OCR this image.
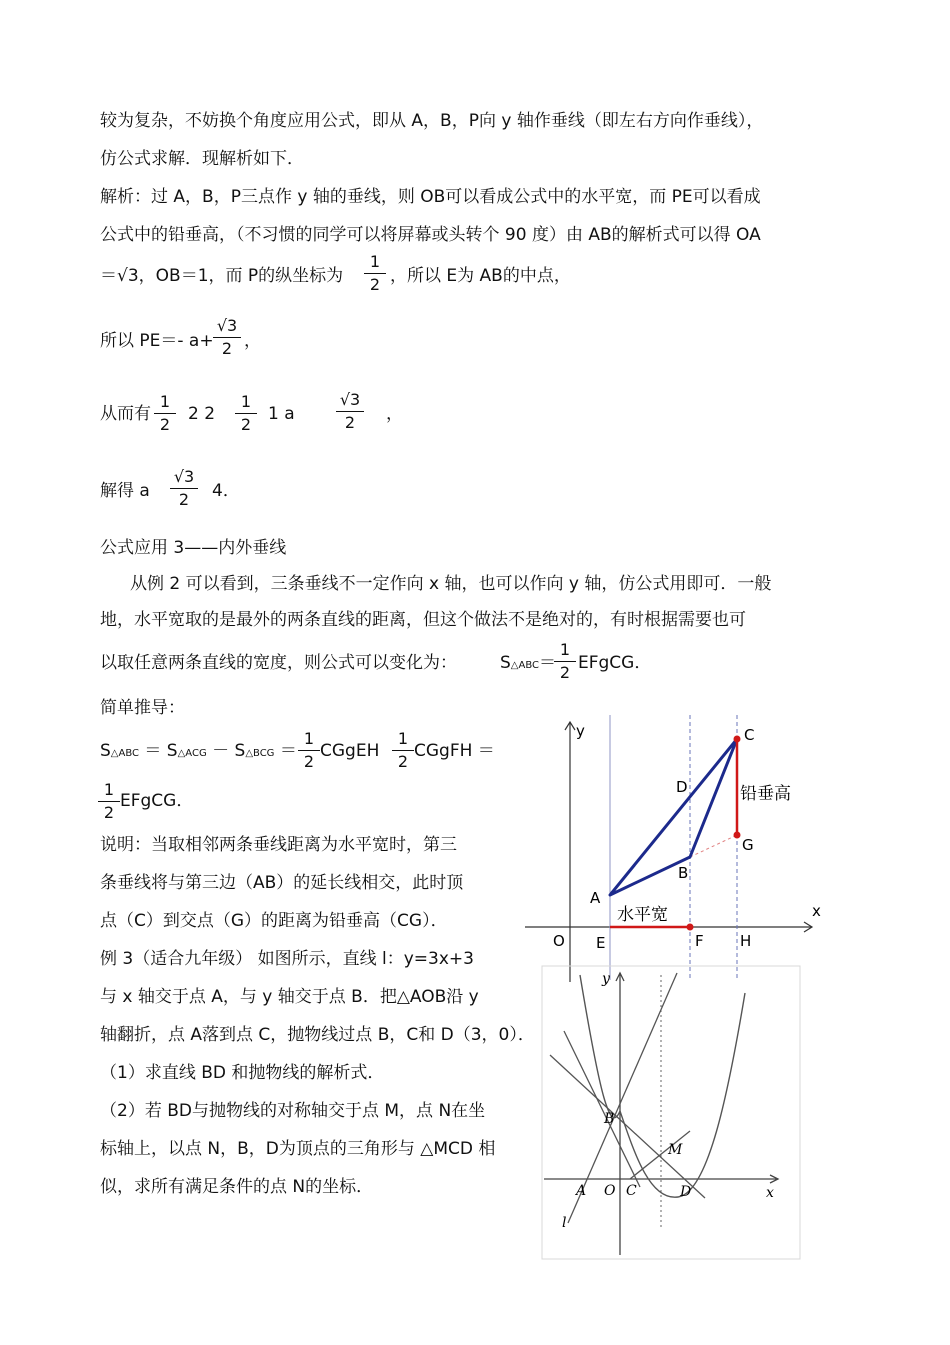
较为复杂，不妨换个角度应用公式，即从 A，B，P向 y 轴作垂线（即左右方向作垂线），
仿公式求解．现解析如下．
解析：过 A，B，P三点作 y 轴的垂线，则 OB可以看成公式中的水平宽，而 PE可以看成
公式中的铅垂高，（不习惯的同学可以将屏幕或头转个 90 度）由 AB的解析式可以得 OA
＝√3，OB＝1，而 P的纵坐标为
1
2 ，所以 E为 AB的中点，
所以 PE＝- a+
√3
2 ，
从而有
1
2
2 2
1
2
1 a
√3
2	，
解得 a
√3
2	4．
公式应用 3——内外垂线
从例 2 可以看到，三条垂线不一定作向 x 轴，也可以作向 y 轴，仿公式用即可．一般
地，水平宽取的是最外的两条直线的距离，但这个做法不是绝对的，有时根据需要也可
以取任意两条直线的宽度，则公式可以变化为：	S△ABC＝
1
2 EFgCG．
简单推导：
S△ABC ＝ S△ACG － S△BCG ＝
1
2
CGgEH
1
2
CGgFH ＝
1
2
EFgCG．
说明：当取相邻两条垂线距离为水平宽时，第三
条垂线将与第三边（AB）的延长线相交，此时顶
点（C）到交点（G）的距离为铅垂高（CG）．
例 3（适合九年级） 如图所示，直线 l：y=3x+3
与 x 轴交于点 A，与 y 轴交于点 B．把△AOB沿 y
轴翻折，点 A落到点 C，抛物线过点 B，C和 D（3，0）．
（1）求直线 BD 和抛物线的解析式．
（2）若 BD与抛物线的对称轴交于点 M，点 N在坐
标轴上，以点 N，B，D为顶点的三角形与 △MCD 相
似，求所有满足条件的点 N的坐标．
y
x
O E	F H
A
B
C
D
G
铅垂高
水平宽
y
x
B
M
A O C	D
l
